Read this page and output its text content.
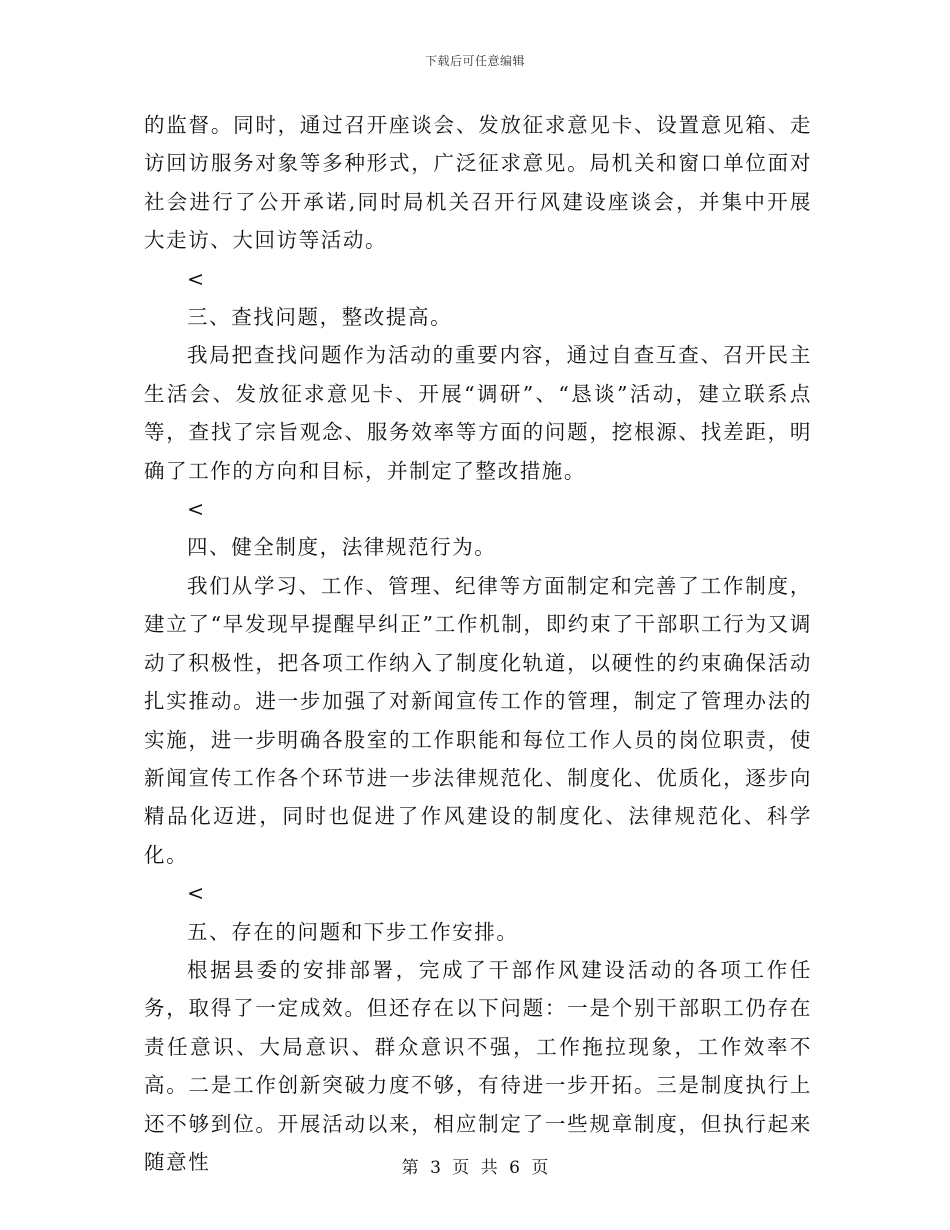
下载后可任意编辑

的监督。同时，通过召开座谈会、发放征求意见卡、设置意见箱、走访回访服务对象等多种形式，广泛征求意见。局机关和窗口单位面对社会进行了公开承诺,同时局机关召开行风建设座谈会，并集中开展大走访、大回访等活动。

<

三、查找问题，整改提高。

我局把查找问题作为活动的重要内容，通过自查互查、召开民主生活会、发放征求意见卡、开展“调研”、“恳谈”活动，建立联系点等，查找了宗旨观念、服务效率等方面的问题，挖根源、找差距，明确了工作的方向和目标，并制定了整改措施。

<

四、健全制度，法律规范行为。

我们从学习、工作、管理、纪律等方面制定和完善了工作制度，建立了“早发现早提醒早纠正”工作机制，即约束了干部职工行为又调动了积极性，把各项工作纳入了制度化轨道，以硬性的约束确保活动扎实推动。进一步加强了对新闻宣传工作的管理，制定了管理办法的实施，进一步明确各股室的工作职能和每位工作人员的岗位职责，使新闻宣传工作各个环节进一步法律规范化、制度化、优质化，逐步向精品化迈进，同时也促进了作风建设的制度化、法律规范化、科学化。

<

五、存在的问题和下步工作安排。

根据县委的安排部署，完成了干部作风建设活动的各项工作任务，取得了一定成效。但还存在以下问题：一是个别干部职工仍存在责任意识、大局意识、群众意识不强，工作拖拉现象，工作效率不高。二是工作创新突破力度不够，有待进一步开拓。三是制度执行上还不够到位。开展活动以来，相应制定了一些规章制度，但执行起来随意性	第 3 页 共 6 页
